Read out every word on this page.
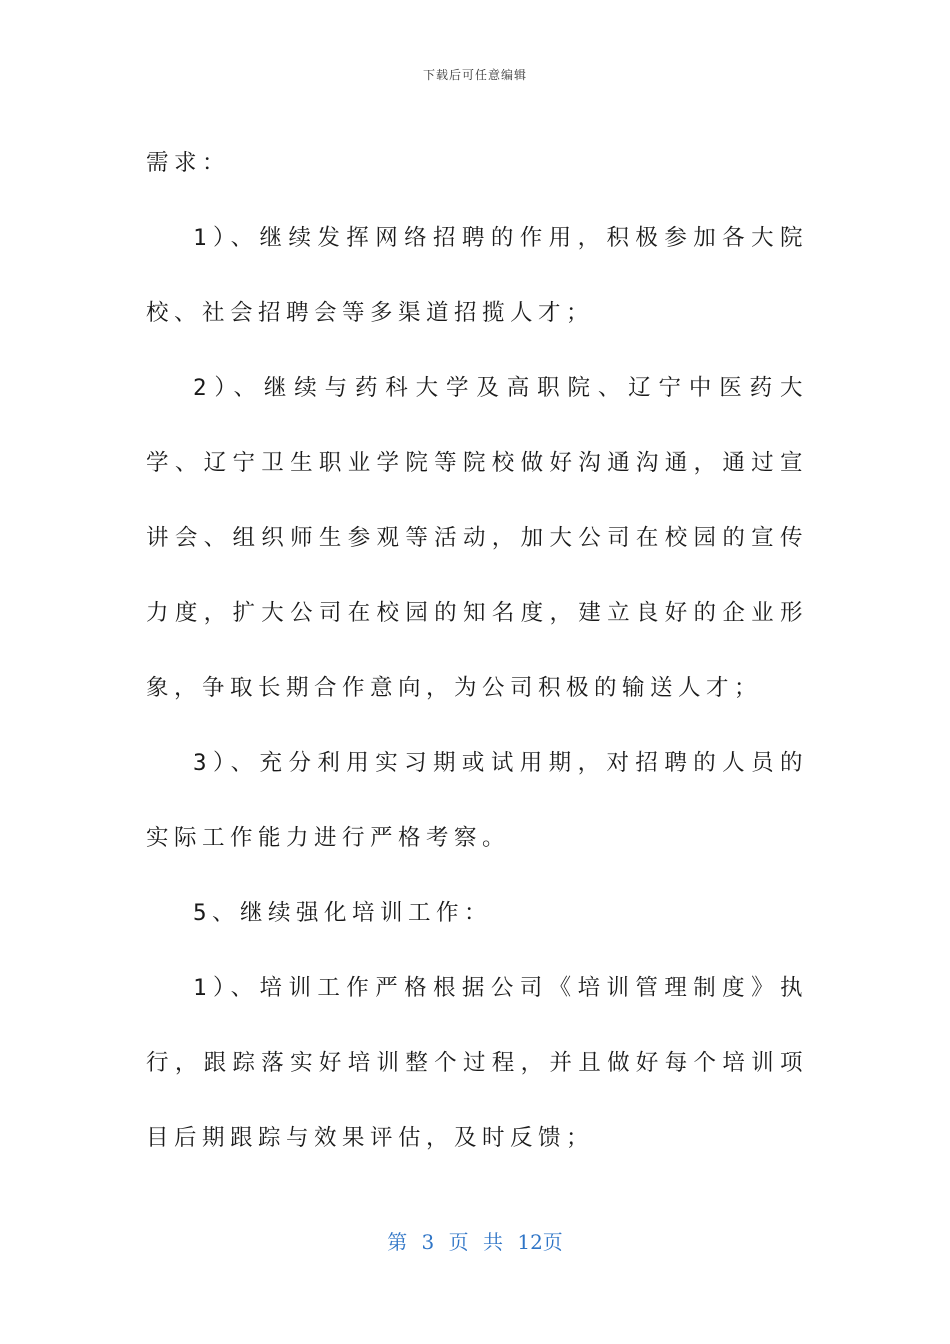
下载后可任意编辑

需求：

1）、继续发挥网络招聘的作用，积极参加各大院校、社会招聘会等多渠道招揽人才；

2）、继续与药科大学及高职院、辽宁中医药大学、辽宁卫生职业学院等院校做好沟通沟通，通过宣讲会、组织师生参观等活动，加大公司在校园的宣传力度，扩大公司在校园的知名度，建立良好的企业形象，争取长期合作意向，为公司积极的输送人才；

3）、充分利用实习期或试用期，对招聘的人员的实际工作能力进行严格考察。

5、继续强化培训工作：

1）、培训工作严格根据公司《培训管理制度》执行，跟踪落实好培训整个过程，并且做好每个培训项目后期跟踪与效果评估，及时反馈；

第 3 页 共 12页
